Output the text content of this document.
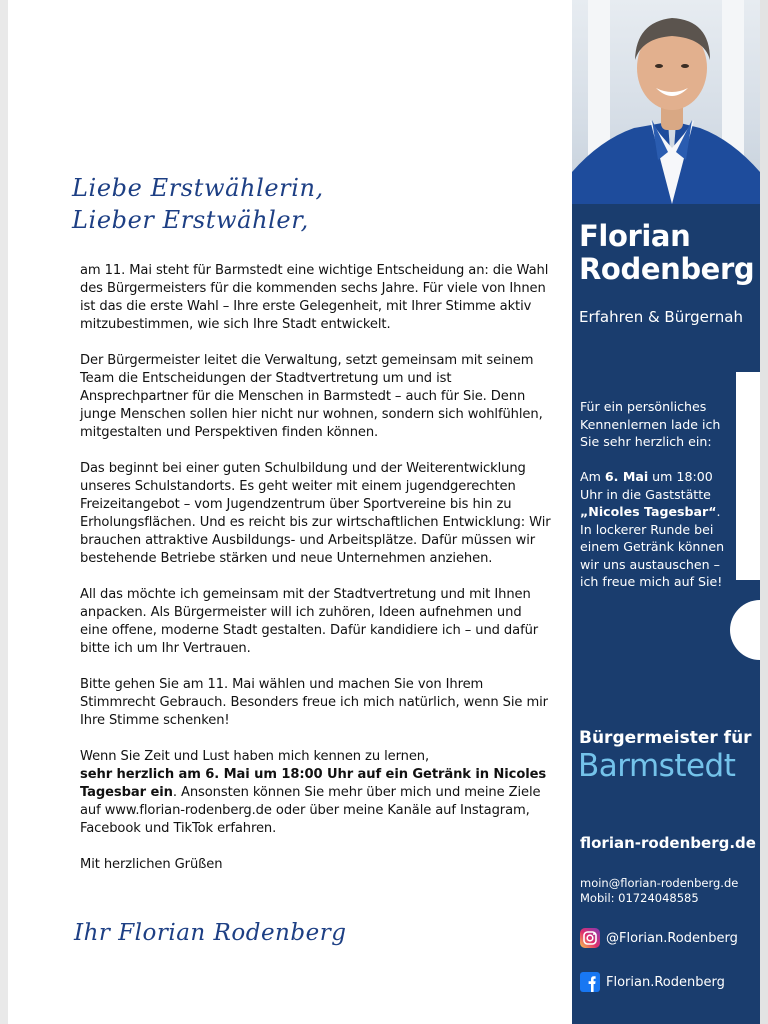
Liebe Erstwählerin,
Lieber Erstwähler,

am 11. Mai steht für Barmstedt eine wichtige Entscheidung an: die Wahl des Bürgermeisters für die kommenden sechs Jahre. Für viele von Ihnen ist das die erste Wahl – Ihre erste Gelegenheit, mit Ihrer Stimme aktiv mitzubestimmen, wie sich Ihre Stadt entwickelt.

Der Bürgermeister leitet die Verwaltung, setzt gemeinsam mit seinem Team die Entscheidungen der Stadtvertretung um und ist Ansprechpartner für die Menschen in Barmstedt – auch für Sie. Denn junge Menschen sollen hier nicht nur wohnen, sondern sich wohlfühlen, mitgestalten und Perspektiven finden können.

Das beginnt bei einer guten Schulbildung und der Weiterentwicklung unseres Schulstandorts. Es geht weiter mit einem jugendgerechten Freizeitangebot – vom Jugendzentrum über Sportvereine bis hin zu Erholungsflächen. Und es reicht bis zur wirtschaftlichen Entwicklung: Wir brauchen attraktive Ausbildungs- und Arbeitsplätze. Dafür müssen wir bestehende Betriebe stärken und neue Unternehmen anziehen.

All das möchte ich gemeinsam mit der Stadtvertretung und mit Ihnen anpacken. Als Bürgermeister will ich zuhören, Ideen aufnehmen und eine offene, moderne Stadt gestalten. Dafür kandidiere ich – und dafür bitte ich um Ihr Vertrauen.

Bitte gehen Sie am 11. Mai wählen und machen Sie von Ihrem Stimmrecht Gebrauch. Besonders freue ich mich natürlich, wenn Sie mir Ihre Stimme schenken!

Wenn Sie Zeit und Lust haben mich kennen zu lernen,
sehr herzlich am 6. Mai um 18:00 Uhr auf ein Getränk in Nicoles Tagesbar ein. Ansonsten können Sie mehr über mich und meine Ziele auf www.florian-rodenberg.de oder über meine Kanäle auf Instagram, Facebook und TikTok erfahren.

Mit herzlichen Grüßen

Ihr Florian Rodenberg
Florian
Rodenberg
Erfahren & Bürgernah

Für ein persönliches Kennenlernen lade ich Sie sehr herzlich ein:

Am 6. Mai um 18:00 Uhr in die Gaststätte „Nicoles Tagesbar“. In lockerer Runde bei einem Getränk können wir uns austauschen – ich freue mich auf Sie!

Bürgermeister für
Barmstedt
florian-rodenberg.de
moin@florian-rodenberg.de
Mobil: 01724048585
@Florian.Rodenberg
Florian.Rodenberg
